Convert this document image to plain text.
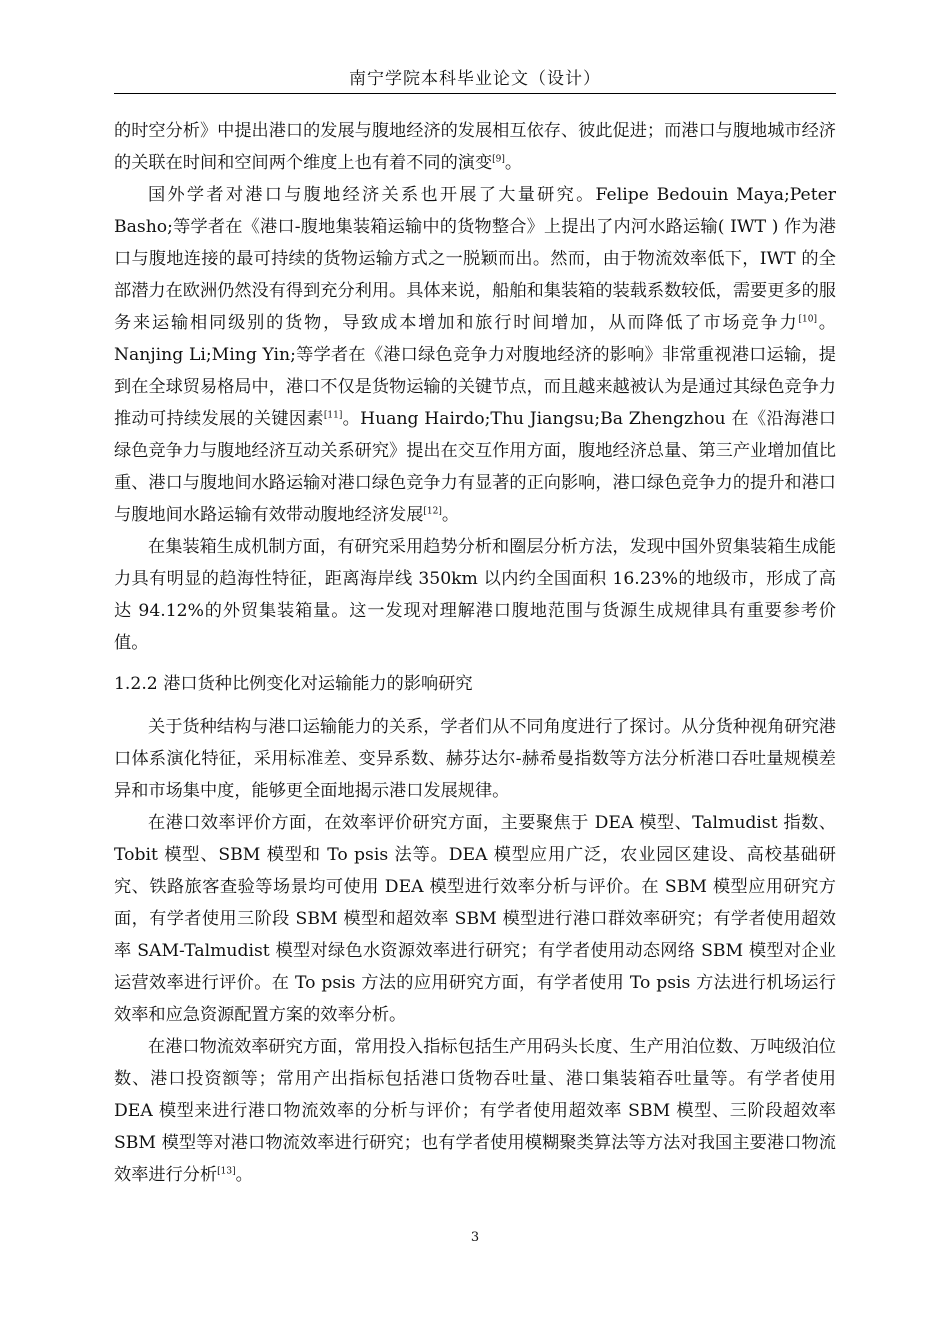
南宁学院本科毕业论文（设计）

的时空分析》中提出港口的发展与腹地经济的发展相互依存、彼此促进；而港口与腹地城市经济的关联在时间和空间两个维度上也有着不同的演变[9]。

国外学者对港口与腹地经济关系也开展了大量研究。Felipe Bedouin Maya;Peter Basho;等学者在《港口-腹地集装箱运输中的货物整合》上提出了内河水路运输( IWT ) 作为港口与腹地连接的最可持续的货物运输方式之一脱颖而出。然而，由于物流效率低下，IWT 的全部潜力在欧洲仍然没有得到充分利用。具体来说，船舶和集装箱的装载系数较低，需要更多的服务来运输相同级别的货物，导致成本增加和旅行时间增加，从而降低了市场竞争力[10]。Nanjing Li;Ming Yin;等学者在《港口绿色竞争力对腹地经济的影响》非常重视港口运输，提到在全球贸易格局中，港口不仅是货物运输的关键节点，而且越来越被认为是通过其绿色竞争力推动可持续发展的关键因素[11]。Huang Hairdo;Thu Jiangsu;Ba Zhengzhou 在《沿海港口绿色竞争力与腹地经济互动关系研究》提出在交互作用方面，腹地经济总量、第三产业增加值比重、港口与腹地间水路运输对港口绿色竞争力有显著的正向影响，港口绿色竞争力的提升和港口与腹地间水路运输有效带动腹地经济发展[12]。

在集装箱生成机制方面，有研究采用趋势分析和圈层分析方法，发现中国外贸集装箱生成能力具有明显的趋海性特征，距离海岸线 350km 以内约全国面积 16.23%的地级市，形成了高达 94.12%的外贸集装箱量。这一发现对理解港口腹地范围与货源生成规律具有重要参考价值。

1.2.2 港口货种比例变化对运输能力的影响研究

关于货种结构与港口运输能力的关系，学者们从不同角度进行了探讨。从分货种视角研究港口体系演化特征，采用标准差、变异系数、赫芬达尔-赫希曼指数等方法分析港口吞吐量规模差异和市场集中度，能够更全面地揭示港口发展规律。

在港口效率评价方面，在效率评价研究方面，主要聚焦于 DEA 模型、Talmudist 指数、Tobit 模型、SBM 模型和 To psis 法等。DEA 模型应用广泛，农业园区建设、高校基础研究、铁路旅客查验等场景均可使用 DEA 模型进行效率分析与评价。在 SBM 模型应用研究方面，有学者使用三阶段 SBM 模型和超效率 SBM 模型进行港口群效率研究；有学者使用超效率 SAM-Talmudist 模型对绿色水资源效率进行研究；有学者使用动态网络 SBM 模型对企业运营效率进行评价。在 To psis 方法的应用研究方面，有学者使用 To psis 方法进行机场运行效率和应急资源配置方案的效率分析。

在港口物流效率研究方面，常用投入指标包括生产用码头长度、生产用泊位数、万吨级泊位数、港口投资额等；常用产出指标包括港口货物吞吐量、港口集装箱吞吐量等。有学者使用 DEA 模型来进行港口物流效率的分析与评价；有学者使用超效率 SBM 模型、三阶段超效率 SBM 模型等对港口物流效率进行研究；也有学者使用模糊聚类算法等方法对我国主要港口物流效率进行分析[13]。

3
